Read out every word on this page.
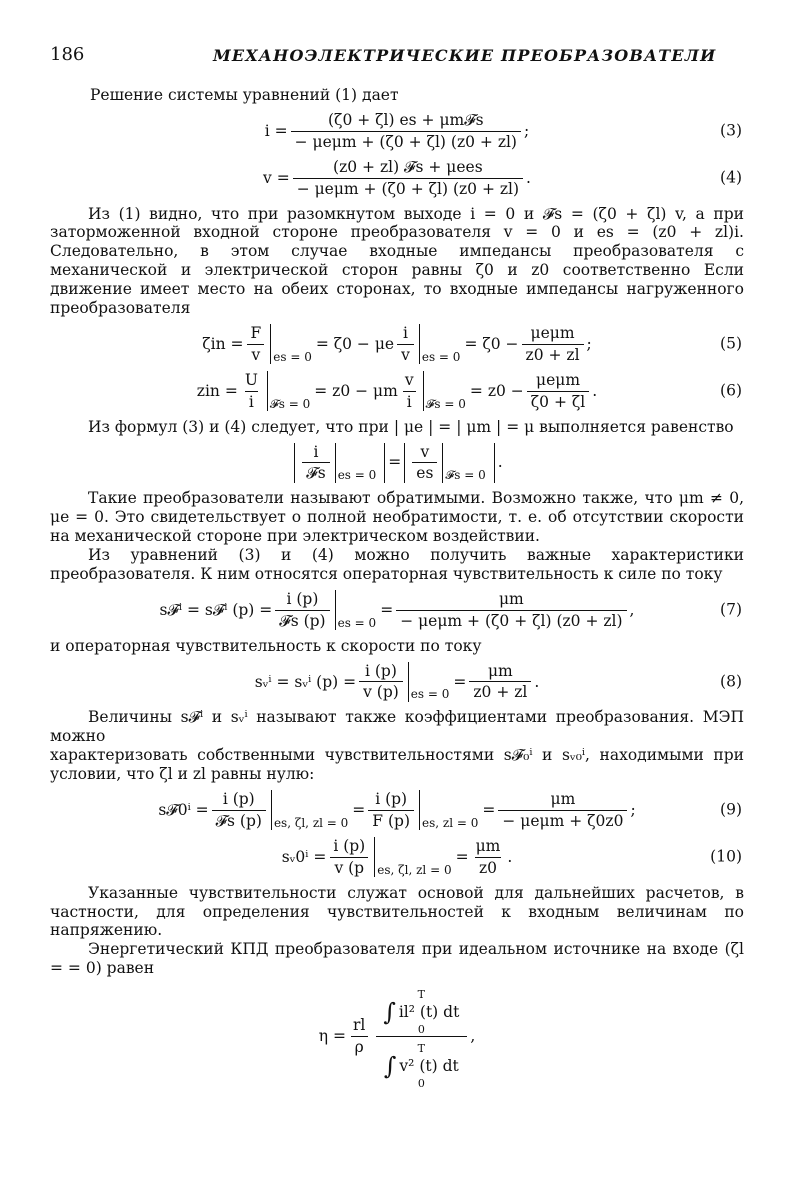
186	МЕХАНОЭЛЕКТРИЧЕСКИЕ ПРЕОБРАЗОВАТЕЛИ

Решение системы уравнений (1) дает

$i = \frac{\text{(ζ0 + ζl) es + μm𝓕s}}{\text{− μeμm + (ζ0 + ζl) (z0 + zl)}}$ ;	(3)
$v = \frac{\text{(z0 + zl) 𝓕s + μees}}{\text{− μeμm + (ζ0 + ζl) (z0 + zl)}}$ .	(4)

Из (1) видно, что при разомкнутом выходе i = 0 и 𝓕s = (ζ0 + ζl) v, а при заторможенной входной стороне преобразователя v = 0 и es = (z0 + zl)i. Следовательно, в этом случае входные импедансы преобразователя с механической и электрической сторон равны ζ0 и z0 соответственно Если движение имеет место на обеих сторонах, то входные импедансы нагруженного преобразователя

$\zeta in = \frac{F}{v}$ es = 0
= ζ0 − μe $\frac{i}{v}$ es = 0
= $\zeta 0 - \frac{\text{μeμm}}{z0 + zl}$ ;	(5)
zin = $\frac{U}{i}$ 𝓕s = 0
= z0 − μm $\frac{v}{i}$ 𝓕s = 0
= $z0 - \frac{\text{μeμm}}{\zeta 0 + \zeta l}$ .	(6)

Из формул (3) и (4) следует, что при | μe | = | μm | = μ выполняется равенство

$\frac{i}{\text{𝓕s}}$ es = 0
= $\frac{v}{es}$ 𝓕s = 0
.

Такие преобразователи называют обратимыми. Возможно также, что μm ≠ 0, μe = 0. Это свидетельствует о полной необратимости, т. е. об отсутствии скорости на механической стороне при электрическом воздействии.

Из уравнений (3) и (4) можно получить важные характеристики преобразователя. К ним относятся операторная чувствительность к силе по току

s𝓕ⁱ = s𝓕ⁱ $(p) = \frac{i (p)}{\text{𝓕s (p)}}$ es = 0
= $\frac{\mu m}{\text{− μeμm + (ζ0 + ζl) (z0 + zl)}}$ ,	(7)

и операторная чувствительность к скорости по току

sᵥⁱ = sᵥⁱ $(p) = \frac{i (p)}{v (p)}$ es = 0
= $\frac{\mu m}{z0 + zl}$ .	(8)

Величины s𝓕ⁱ и sᵥⁱ называют также коэффициентами преобразования. МЭП можно

характеризовать собственными чувствительностями s𝓕₀ⁱ и sᵥ₀ⁱ, находимыми при условии, что ζl и zl равны нулю:

s𝓕0ⁱ = $\frac{i (p)}{\text{𝓕s (p)}}$ es, ζl, zl = 0
= $\frac{i (p)}{F (p)}$ es, zl = 0
= $\frac{\mu m}{\text{− μeμm + ζ0z0}}$ ;	(9)
sᵥ0ⁱ = $\frac{i (p)}{v (p}$ es, ζl, zl = 0
= $\frac{\mu m}{z0}$ .	(10)

Указанные чувствительности служат основой для дальнейших расчетов, в частности, для определения чувствительностей к входным величинам по напряжению.

Энергетический КПД преобразователя при идеальном источнике на входе (ζl = = 0) равен

$\eta = \frac{rl}{\rho}$ T
∫ il² (t) dt
0
T
∫ v² (t) dt
0 ,
